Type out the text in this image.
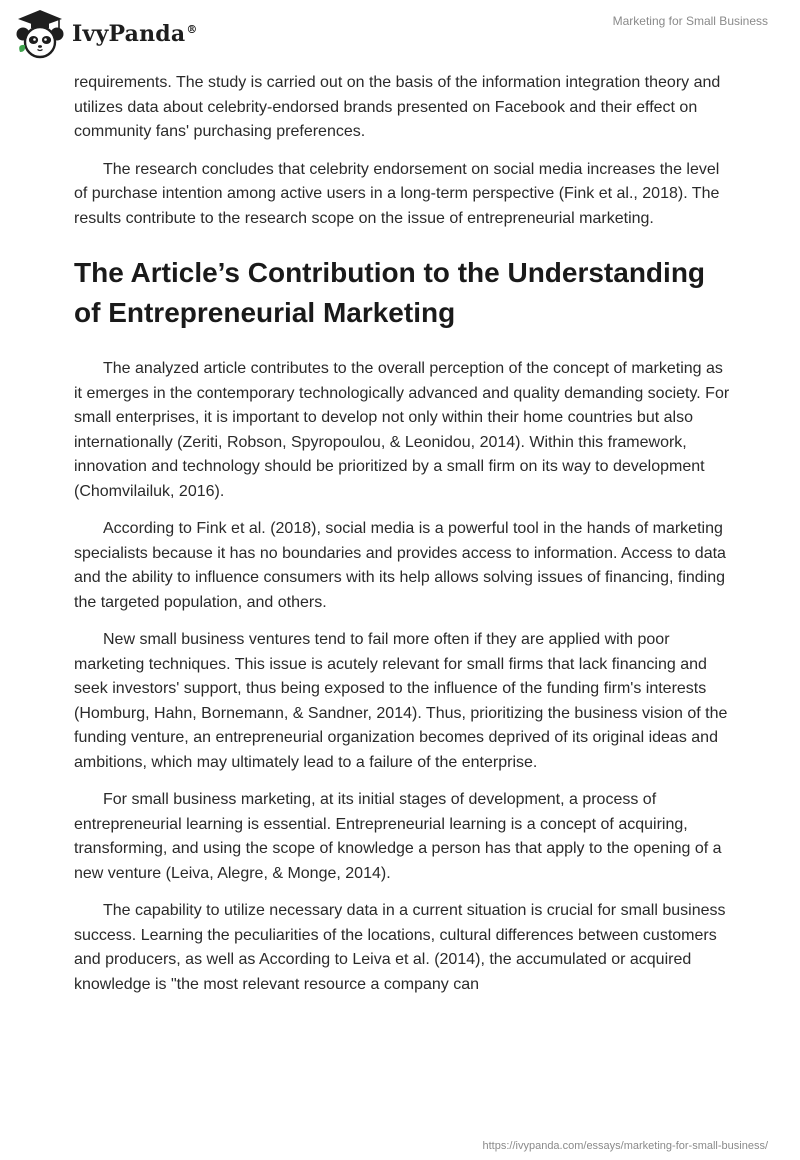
IvyPanda®
Marketing for Small Business

requirements. The study is carried out on the basis of the information integration theory and utilizes data about celebrity-endorsed brands presented on Facebook and their effect on community fans' purchasing preferences.

The research concludes that celebrity endorsement on social media increases the level of purchase intention among active users in a long-term perspective (Fink et al., 2018). The results contribute to the research scope on the issue of entrepreneurial marketing.

The Article’s Contribution to the Understanding of Entrepreneurial Marketing

The analyzed article contributes to the overall perception of the concept of marketing as it emerges in the contemporary technologically advanced and quality demanding society. For small enterprises, it is important to develop not only within their home countries but also internationally (Zeriti, Robson, Spyropoulou, & Leonidou, 2014). Within this framework, innovation and technology should be prioritized by a small firm on its way to development (Chomvilailuk, 2016).

According to Fink et al. (2018), social media is a powerful tool in the hands of marketing specialists because it has no boundaries and provides access to information. Access to data and the ability to influence consumers with its help allows solving issues of financing, finding the targeted population, and others.

New small business ventures tend to fail more often if they are applied with poor marketing techniques. This issue is acutely relevant for small firms that lack financing and seek investors' support, thus being exposed to the influence of the funding firm's interests (Homburg, Hahn, Bornemann, & Sandner, 2014). Thus, prioritizing the business vision of the funding venture, an entrepreneurial organization becomes deprived of its original ideas and ambitions, which may ultimately lead to a failure of the enterprise.

For small business marketing, at its initial stages of development, a process of entrepreneurial learning is essential. Entrepreneurial learning is a concept of acquiring, transforming, and using the scope of knowledge a person has that apply to the opening of a new venture (Leiva, Alegre, & Monge, 2014).

The capability to utilize necessary data in a current situation is crucial for small business success. Learning the peculiarities of the locations, cultural differences between customers and producers, as well as According to Leiva et al. (2014), the accumulated or acquired knowledge is "the most relevant resource a company can

https://ivypanda.com/essays/marketing-for-small-business/
